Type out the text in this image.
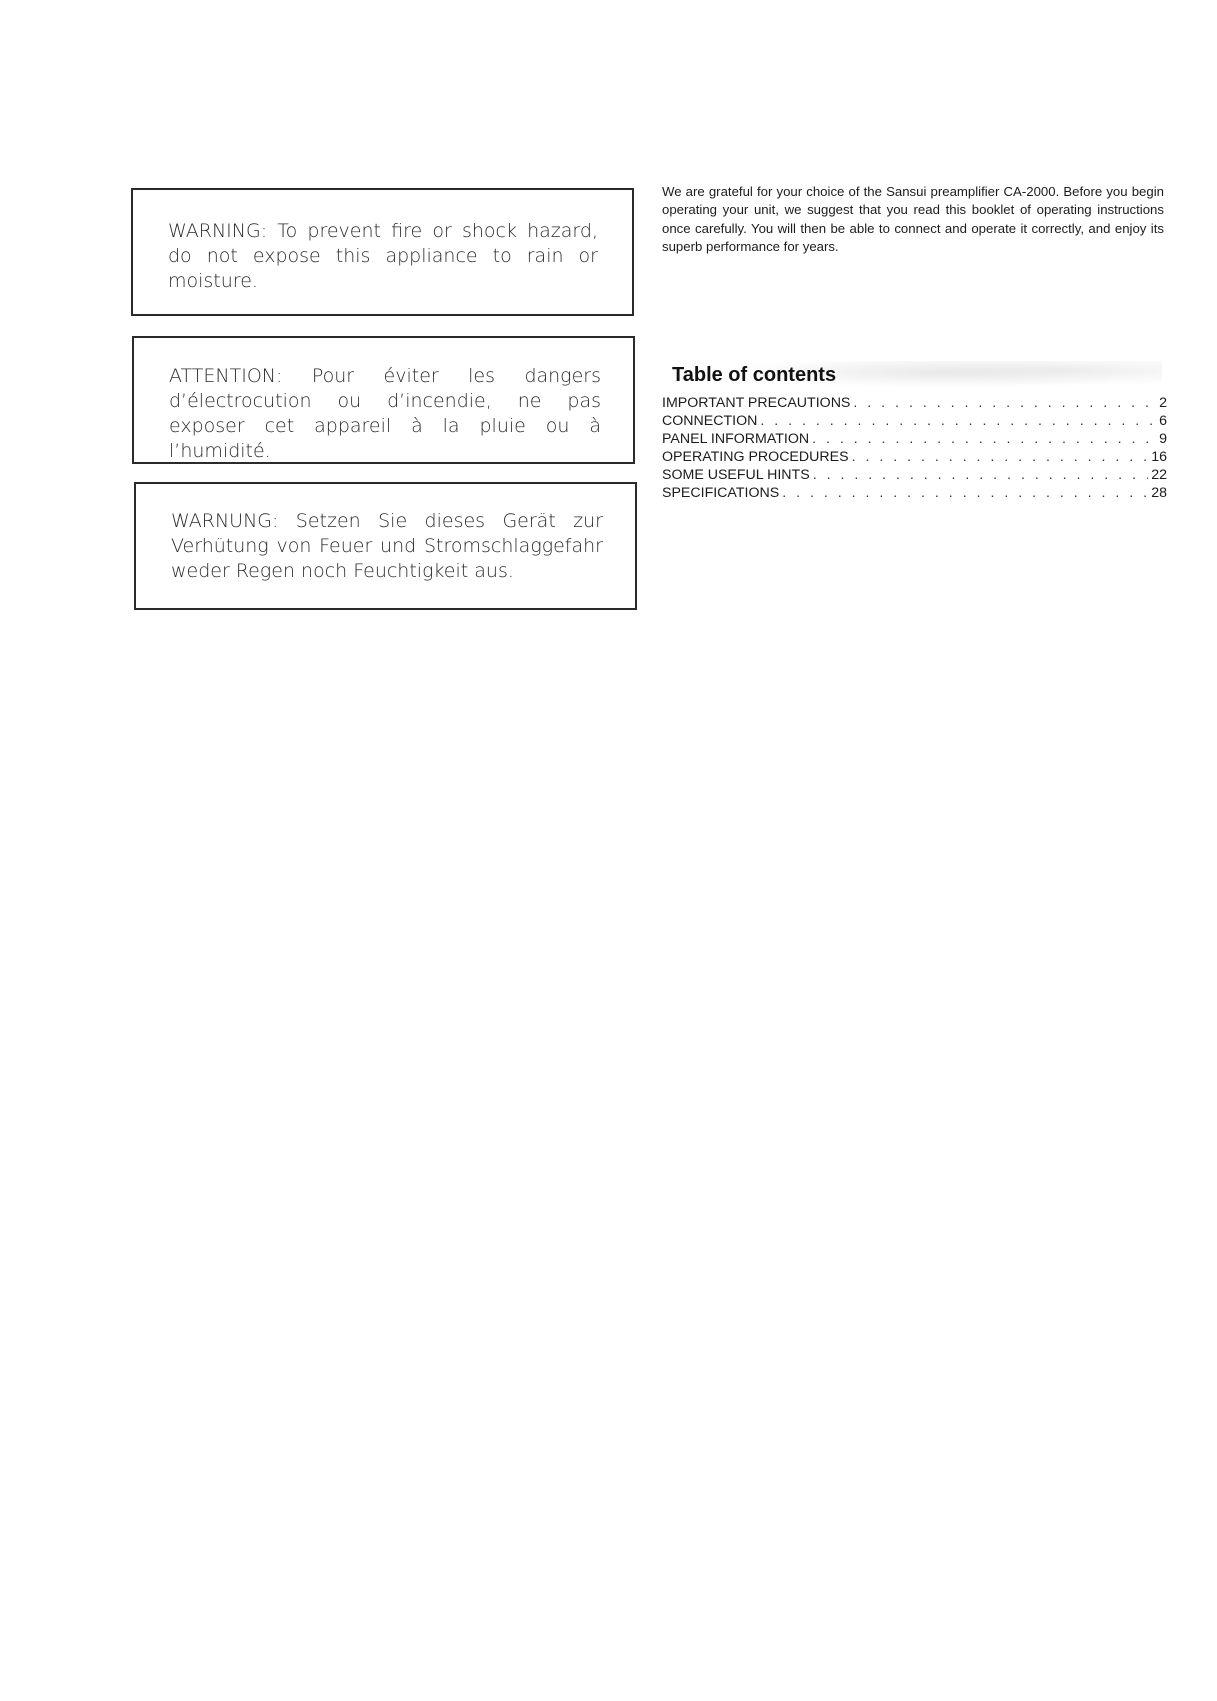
WARNING: To prevent fire or shock hazard, do not expose this appliance to rain or moisture.

ATTENTION: Pour éviter les dangers d’électrocution ou d’incendie, ne pas exposer cet appareil à la pluie ou à l’humidité.

WARNUNG: Setzen Sie dieses Gerät zur Verhütung von Feuer und Stromschlaggefahr weder Regen noch Feuchtigkeit aus.

We are grateful for your choice of the Sansui preamplifier CA-2000. Before you begin operating your unit, we suggest that you read this booklet of operating instructions once carefully. You will then be able to connect and operate it correctly, and enjoy its superb performance for years.

Table of contents
IMPORTANT PRECAUTIONS . . .	2
CONNECTION . . .	6
PANEL INFORMATION . . .	9
OPERATING PROCEDURES . . .	16
SOME USEFUL HINTS . . .	22
SPECIFICATIONS . . .	28
